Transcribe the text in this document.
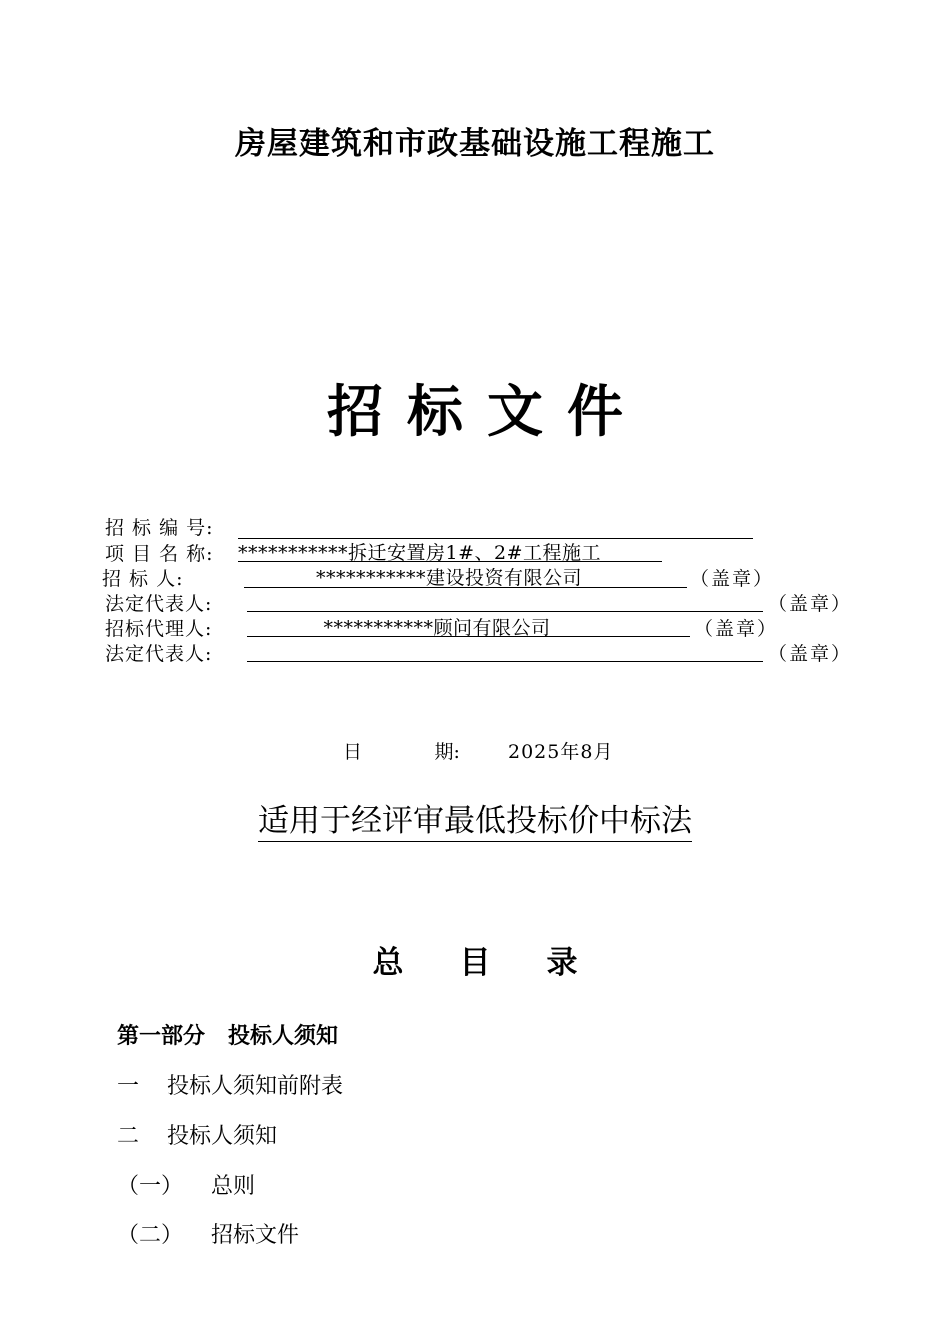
房屋建筑和市政基础设施工程施工
招标文件
招 标 编 号:
项 目 名 称: ***********拆迁安置房1#、2#工程施工
招 标 人:	***********建设投资有限公司	（盖章）
法定代表人:	（盖章）
招标代理人:	***********顾问有限公司	（盖章）
法定代表人:	（盖章）
日            期:	2025年8月
适用于经评审最低投标价中标法
总 目 录
第一部分   投标人须知
一    投标人须知前附表
二    投标人须知
（一）    总则
（二）    招标文件
